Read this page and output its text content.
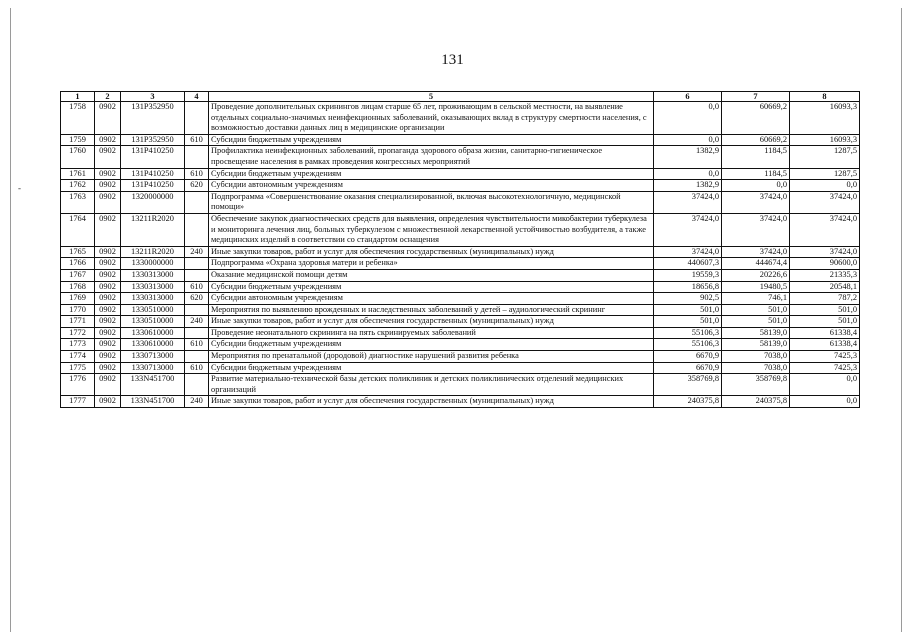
131
-
1	2	3	4	5	6	7	8
1758	0902	131P352950		Проведение дополнительных скринингов лицам старше 65 лет, проживающим в сельской местности, на выявление отдельных социально-значимых неинфекционных заболеваний, оказывающих вклад в структуру смертности населения, с возможностью доставки данных лиц в медицинские организации	0,0	60669,2	16093,3
1759	0902	131P352950	610	Субсидии бюджетным учреждениям	0,0	60669,2	16093,3
1760	0902	131P410250		Профилактика неинфекционных заболеваний, пропаганда здорового образа жизни, санитарно-гигиеническое просвещение населения в рамках проведения конгрессных мероприятий	1382,9	1184,5	1287,5
1761	0902	131P410250	610	Субсидии бюджетным учреждениям	0,0	1184,5	1287,5
1762	0902	131P410250	620	Субсидии автономным учреждениям	1382,9	0,0	0,0
1763	0902	1320000000		Подпрограмма «Совершенствование оказания специализированной, включая высокотехнологичную, медицинской помощи»	37424,0	37424,0	37424,0
1764	0902	13211R2020		Обеспечение закупок диагностических средств для выявления, определения чувствительности микобактерии туберкулеза и мониторинга лечения лиц, больных туберкулезом с множественной лекарственной устойчивостью возбудителя, а также медицинских изделий в соответствии со стандартом оснащения	37424,0	37424,0	37424,0
1765	0902	13211R2020	240	Иные закупки товаров, работ и услуг для обеспечения государственных (муниципальных) нужд	37424,0	37424,0	37424,0
1766	0902	1330000000		Подпрограмма «Охрана здоровья матери и ребенка»	440607,3	444674,4	90600,0
1767	0902	1330313000		Оказание медицинской помощи детям	19559,3	20226,6	21335,3
1768	0902	1330313000	610	Субсидии бюджетным учреждениям	18656,8	19480,5	20548,1
1769	0902	1330313000	620	Субсидии автономным учреждениям	902,5	746,1	787,2
1770	0902	1330510000		Мероприятия по выявлению врожденных и наследственных заболеваний у детей – аудиологический скрининг	501,0	501,0	501,0
1771	0902	1330510000	240	Иные закупки товаров, работ и услуг для обеспечения государственных (муниципальных) нужд	501,0	501,0	501,0
1772	0902	1330610000		Проведение неонатального скрининга на пять скринируемых заболеваний	55106,3	58139,0	61338,4
1773	0902	1330610000	610	Субсидии бюджетным учреждениям	55106,3	58139,0	61338,4
1774	0902	1330713000		Мероприятия по пренатальной (дородовой) диагностике нарушений развития ребенка	6670,9	7038,0	7425,3
1775	0902	1330713000	610	Субсидии бюджетным учреждениям	6670,9	7038,0	7425,3
1776	0902	133N451700		Развитие материально-технической базы детских поликлиник и детских поликлинических отделений медицинских организаций	358769,8	358769,8	0,0
1777	0902	133N451700	240	Иные закупки товаров, работ и услуг для обеспечения государственных (муниципальных) нужд	240375,8	240375,8	0,0
